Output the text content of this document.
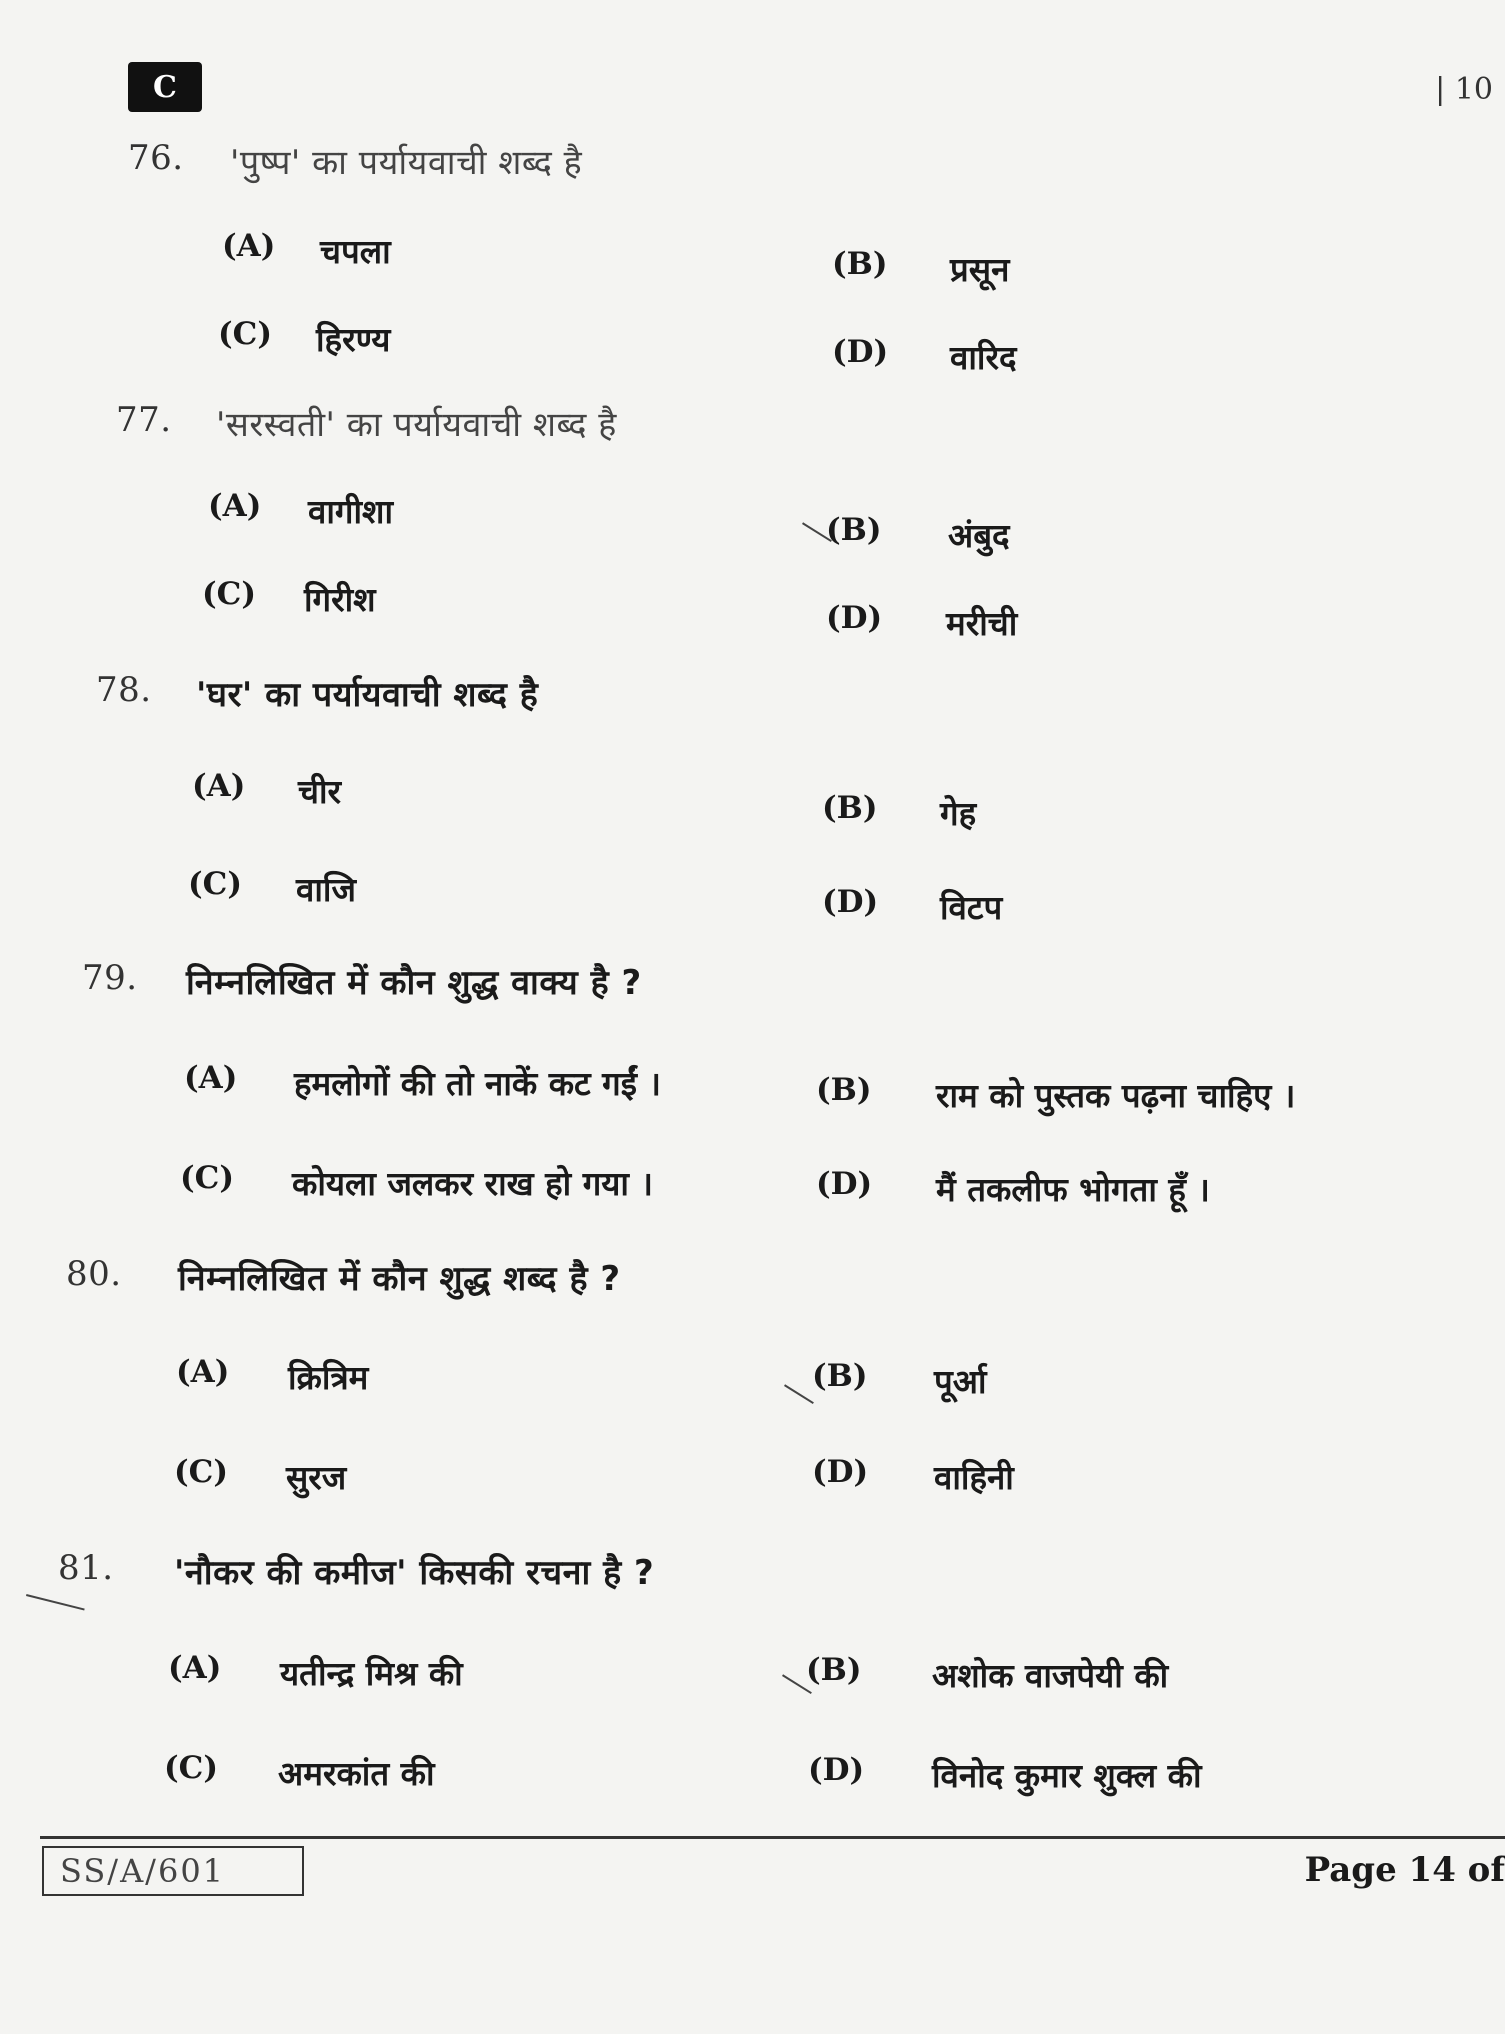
C	| 10
76. 'पुष्प' का पर्यायवाची शब्द है
(A) चपला	(B) प्रसून
(C) हिरण्य	(D) वारिद
77. 'सरस्वती' का पर्यायवाची शब्द है
(A) वागीशा	(B) अंबुद
(C) गिरीश	(D) मरीची
78. 'घर' का पर्यायवाची शब्द है
(A) चीर	(B) गेह
(C) वाजि	(D) विटप
79. निम्नलिखित में कौन शुद्ध वाक्य है ?
(A) हमलोगों की तो नाकें कट गईं ।	(B) राम को पुस्तक पढ़ना चाहिए ।
(C) कोयला जलकर राख हो गया ।	(D) मैं तकलीफ भोगता हूँ ।
80. निम्नलिखित में कौन शुद्ध शब्द है ?
(A) क्रित्रिम	(B) पूर्आ
(C) सुरज	(D) वाहिनी
81. 'नौकर की कमीज' किसकी रचना है ?
(A) यतीन्द्र मिश्र की	(B) अशोक वाजपेयी की
(C) अमरकांत की	(D) विनोद कुमार शुक्ल की
SS/A/601	Page 14 of
